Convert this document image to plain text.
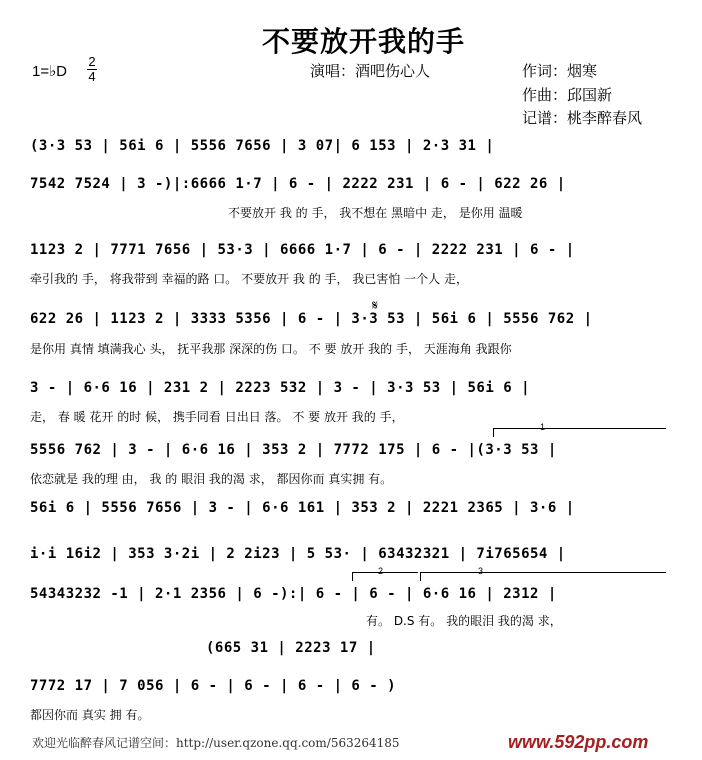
不要放开我的手
1=♭D
2
4	演唱：酒吧伤心人	作词：烟寒
作曲：邱国新
记谱：桃李醉春风
(3·3 53 | 56i 6 | 5556 7656 | 3 07| 6 153 | 2·3 31 |
7542 7524 | 3 -)|:6666 1·7 | 6 - | 2222 231 | 6 - | 622 26 |
不要放开 我 的 手， 我不想在 黑暗中 走， 是你用 温暖
1123 2 | 7771 7656 | 53·3 | 6666 1·7 | 6 - | 2222 231 | 6 - |
牵引我的 手， 将我带到 幸福的路 口。 不要放开 我 的 手， 我已害怕 一个人 走，
𝄋
622 26 | 1123 2 | 3333 5356 | 6 - | 3·3 53 | 56i 6 | 5556 762 |
是你用 真情 填满我心 头， 抚平我那 深深的伤 口。 不 要 放开 我的 手， 天涯海角 我跟你
3 - | 6·6 16 | 231 2 | 2223 532 | 3 - | 3·3 53 | 56i 6 |
走， 春 暖 花开 的时 候， 携手同看 日出日 落。 不 要 放开 我的 手，
1
5556 762 | 3 - | 6·6 16 | 353 2 | 7772 175 | 6 - |(3·3 53 |
依恋就是 我的理 由， 我 的 眼泪 我的渴 求， 都因你而 真实拥 有。
56i 6 | 5556 7656 | 3 - | 6·6 161 | 353 2 | 2221 2365 | 3·6 |
i·i 16i2 | 353 3·2i | 2 2i23 | 5 53· | 63432321 | 7i765654 |
2	3
54343232 -1 | 2·1 2356 | 6 -):| 6 - | 6 - | 6·6 16 | 2312 |
有。 D.S 有。 我的眼泪 我的渴 求，
(665 31 | 2223 17 |
7772 17 | 7 056 | 6 - | 6 - | 6 - | 6 - )
都因你而 真实 拥 有。
欢迎光临醉春风记谱空间：http://user.qzone.qq.com/563264185	www.592pp.com
